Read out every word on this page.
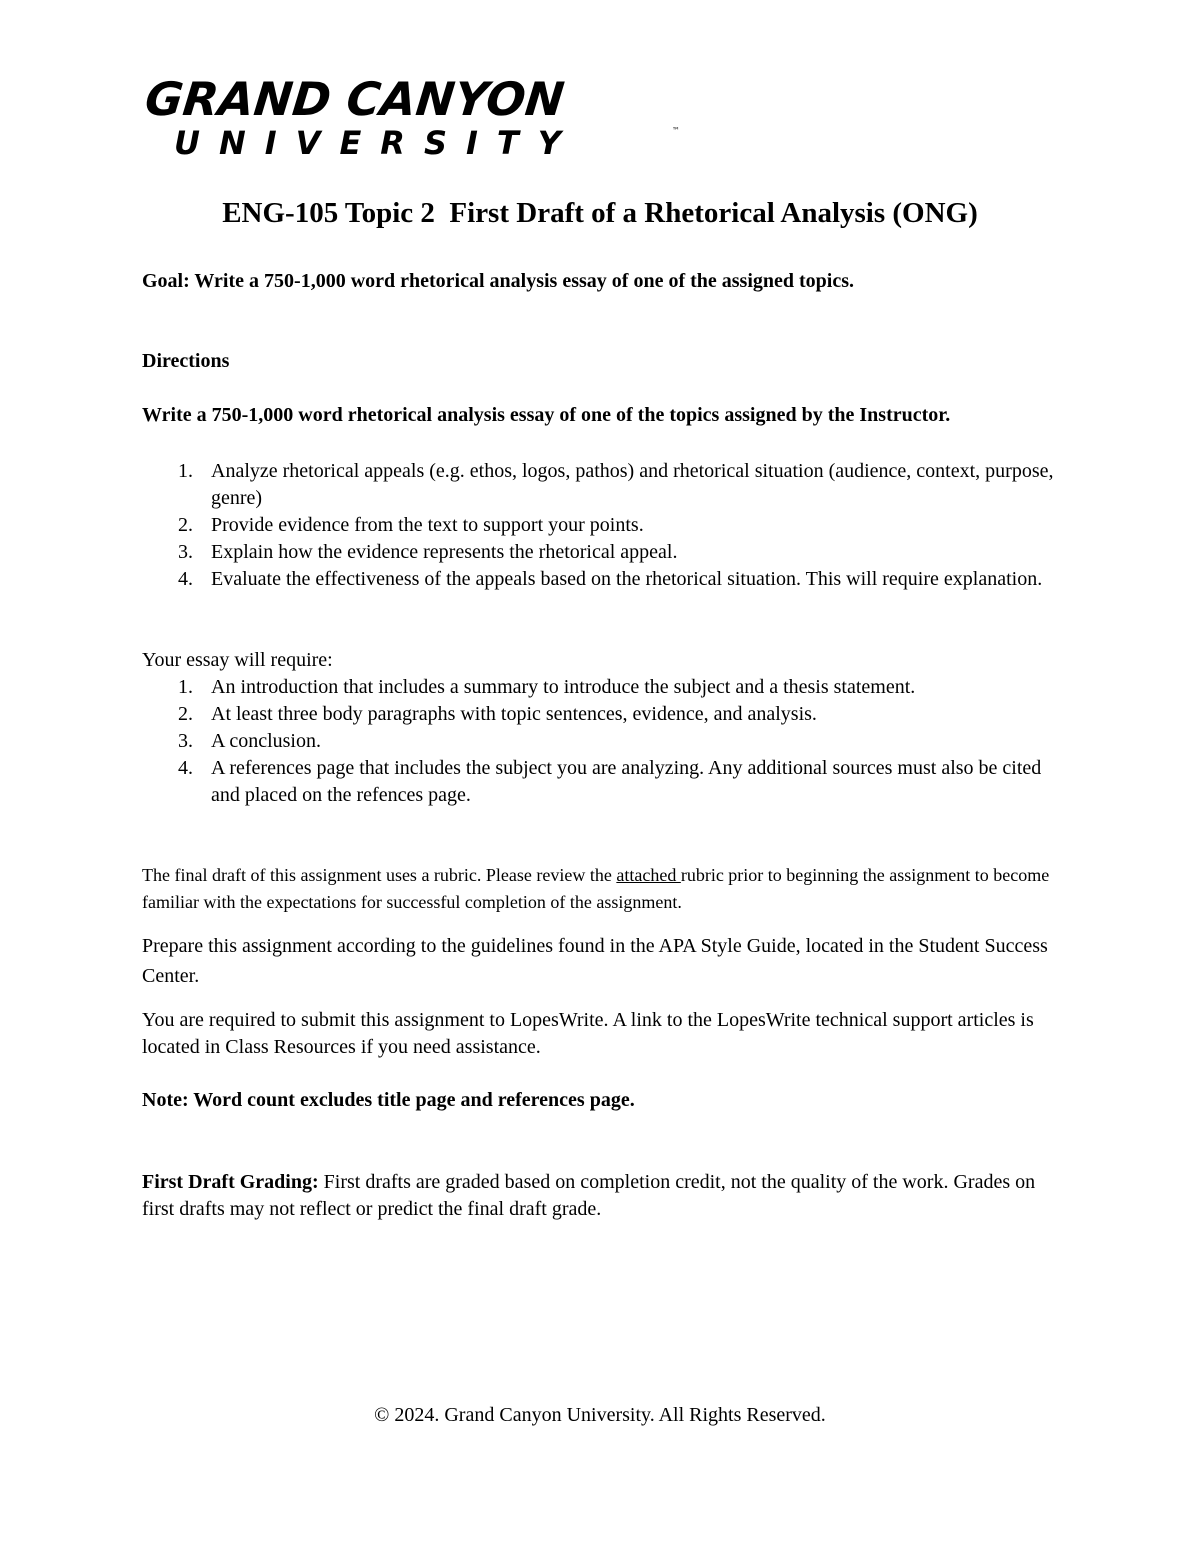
GRAND CANYON
UNIVERSITY	™
ENG-105 Topic 2  First Draft of a Rhetorical Analysis (ONG)
Goal: Write a 750-1,000 word rhetorical analysis essay of one of the assigned topics.
Directions
Write a 750-1,000 word rhetorical analysis essay of one of the topics assigned by the Instructor.
1. Analyze rhetorical appeals (e.g. ethos, logos, pathos) and rhetorical situation (audience, context, purpose, genre)
2. Provide evidence from the text to support your points.
3. Explain how the evidence represents the rhetorical appeal.
4. Evaluate the effectiveness of the appeals based on the rhetorical situation. This will require explanation.
Your essay will require:
1. An introduction that includes a summary to introduce the subject and a thesis statement.
2. At least three body paragraphs with topic sentences, evidence, and analysis.
3. A conclusion.
4. A references page that includes the subject you are analyzing. Any additional sources must also be cited and placed on the refences page.
The final draft of this assignment uses a rubric. Please review the attached rubric prior to beginning the assignment to become familiar with the expectations for successful completion of the assignment.
Prepare this assignment according to the guidelines found in the APA Style Guide, located in the Student Success Center.
You are required to submit this assignment to LopesWrite. A link to the LopesWrite technical support articles is located in Class Resources if you need assistance.
Note: Word count excludes title page and references page.
First Draft Grading: First drafts are graded based on completion credit, not the quality of the work. Grades on first drafts may not reflect or predict the final draft grade.
© 2024. Grand Canyon University. All Rights Reserved.
